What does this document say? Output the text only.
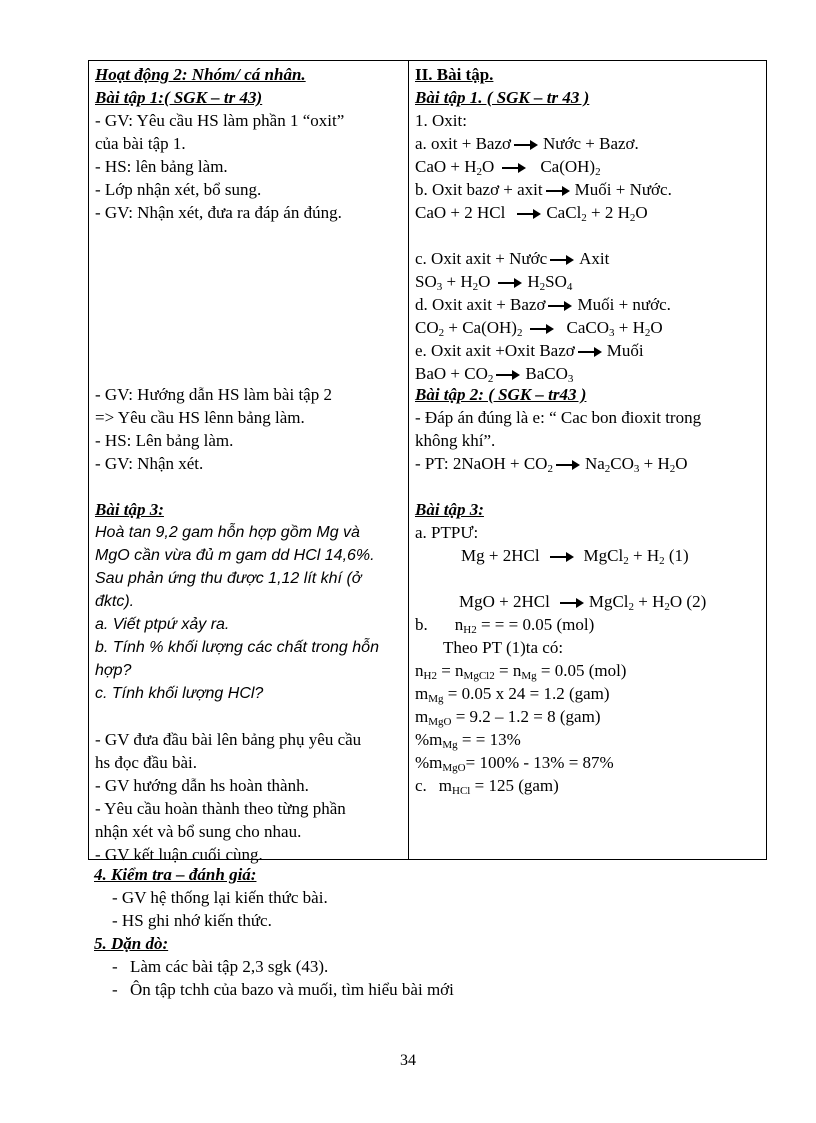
Hoạt động 2: Nhóm/ cá nhân.
Bài tập 1:( SGK – tr 43)
- GV: Yêu cầu HS làm phần 1 “oxit”
của bài tập 1.
- HS: lên bảng làm.
- Lớp nhận xét, bổ sung.
- GV: Nhận xét, đưa ra đáp án đúng.
- GV: Hướng dẫn HS làm bài tập 2
=> Yêu cầu HS lênn bảng làm.
- HS: Lên bảng làm.
- GV: Nhận xét.
Bài tập 3:
Hoà tan 9,2 gam hỗn hợp gồm Mg và
MgO cần vừa đủ m gam dd HCl 14,6%.
Sau phản ứng thu được 1,12 lít khí (ở
đktc).
a. Viết ptpứ xảy ra.
b. Tính % khối lượng các chất trong hỗn
hợp?
c. Tính khối lượng HCl?
- GV đưa đầu bài lên bảng phụ yêu cầu
hs đọc đầu bài.
- GV hướng dẫn hs hoàn thành.
- Yêu cầu hoàn thành theo từng phần
nhận xét và bổ sung cho nhau.
- GV kết luận cuối cùng.
II. Bài tập.
Bài tập 1. ( SGK – tr 43 )
1. Oxit:
a. oxit + Bazơ Nước + Bazơ.
CaO + $H_2O$	$Ca(OH)_2$
b. Oxit bazơ + axit Muối + Nước.
CaO + 2 HCl CaCl$_2$ + 2 $H_2O$
c. Oxit axit + Nước Axit
$SO_3 + H_2O$ $H_2SO_4$
d. Oxit axit + Bazơ Muối + nước.
$CO_2 + Ca(OH)_2$	CaCO$_3$ + $H_2O$
e. Oxit axit +Oxit Bazơ Muối
BaO + $CO_2$ BaCO$_3$
Bài tập 2: ( SGK – tr43 )
- Đáp án đúng là e: “ Cac bon đioxit trong
không khí”.
- PT: 2NaOH + $CO_2$ $Na_2CO_3 + H_2O$
Bài tập 3:
a. PTPƯ:
Mg + 2HCl	MgCl$_2$ + $H_2$ (1)
MgO + 2HCl MgCl$_2$ + $H_2O$ (2)
b. $n_{H2}$ = = = 0.05 (mol)
Theo PT (1)ta có:
$n_{H2} = n_{MgCl2} = n_{Mg} = 0.05$ (mol)
$m_{Mg} = 0.05$ x 24 = 1.2 (gam)
$m_{MgO} = 9.2 - 1.2 = 8$ (gam)
$\%m_{Mg}$ = = 13%
$\%m_{MgO}= 100\% - 13\% = 87\%$
c. $m_{HCl} = 125$ (gam)
4. Kiểm tra – đánh giá:
- GV hệ thống lại kiến thức bài.
- HS ghi nhớ kiến thức.
5. Dặn dò:
- Làm các bài tập 2,3 sgk (43).
- Ôn tập tchh của bazo và muối, tìm hiểu bài mới
34
